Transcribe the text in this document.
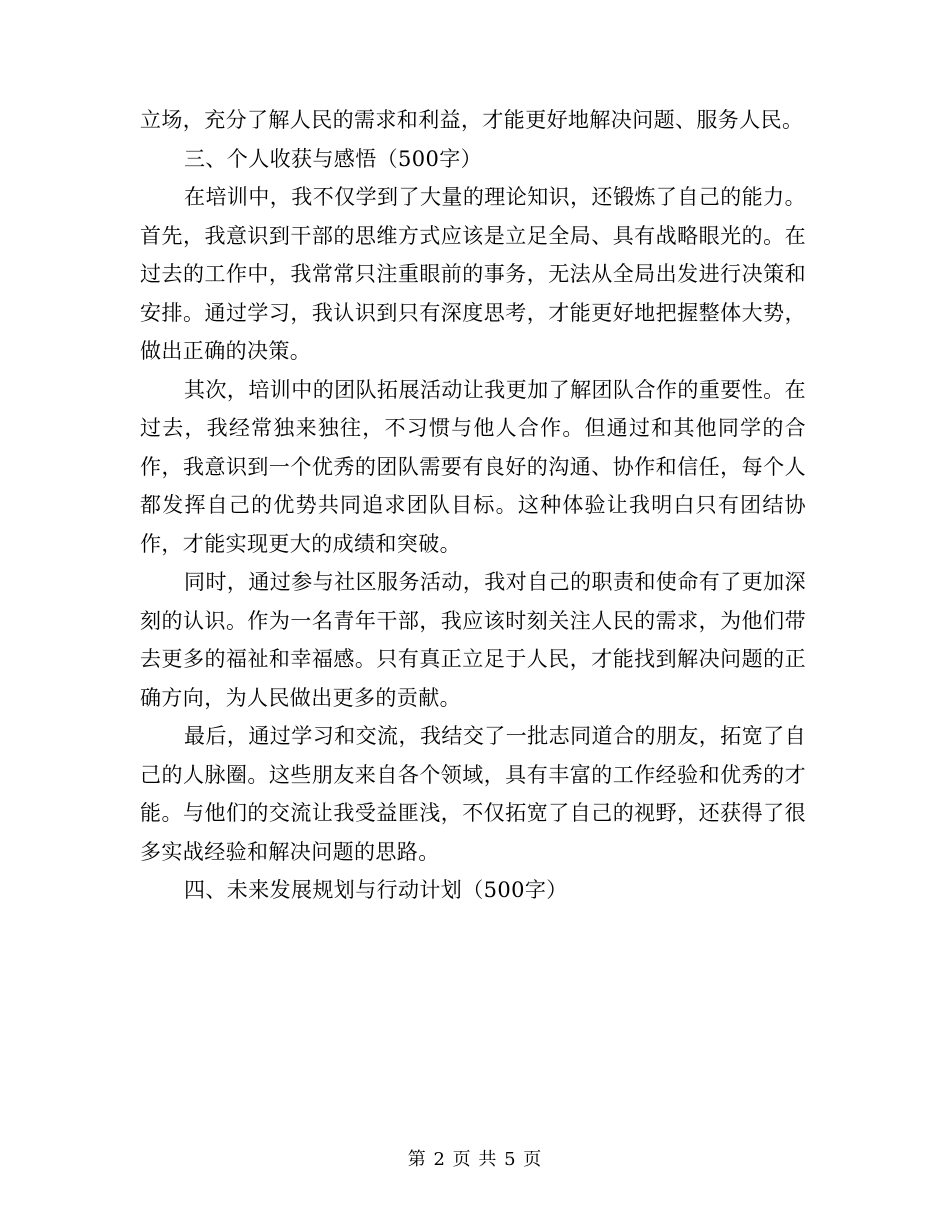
立场，充分了解人民的需求和利益，才能更好地解决问题、服务人民。

三、个人收获与感悟（500字）

在培训中，我不仅学到了大量的理论知识，还锻炼了自己的能力。首先，我意识到干部的思维方式应该是立足全局、具有战略眼光的。在过去的工作中，我常常只注重眼前的事务，无法从全局出发进行决策和安排。通过学习，我认识到只有深度思考，才能更好地把握整体大势，做出正确的决策。

其次，培训中的团队拓展活动让我更加了解团队合作的重要性。在过去，我经常独来独往，不习惯与他人合作。但通过和其他同学的合作，我意识到一个优秀的团队需要有良好的沟通、协作和信任，每个人都发挥自己的优势共同追求团队目标。这种体验让我明白只有团结协作，才能实现更大的成绩和突破。

同时，通过参与社区服务活动，我对自己的职责和使命有了更加深刻的认识。作为一名青年干部，我应该时刻关注人民的需求，为他们带去更多的福祉和幸福感。只有真正立足于人民，才能找到解决问题的正确方向，为人民做出更多的贡献。

最后，通过学习和交流，我结交了一批志同道合的朋友，拓宽了自己的人脉圈。这些朋友来自各个领域，具有丰富的工作经验和优秀的才能。与他们的交流让我受益匪浅，不仅拓宽了自己的视野，还获得了很多实战经验和解决问题的思路。

四、未来发展规划与行动计划（500字）

第 2 页 共 5 页
